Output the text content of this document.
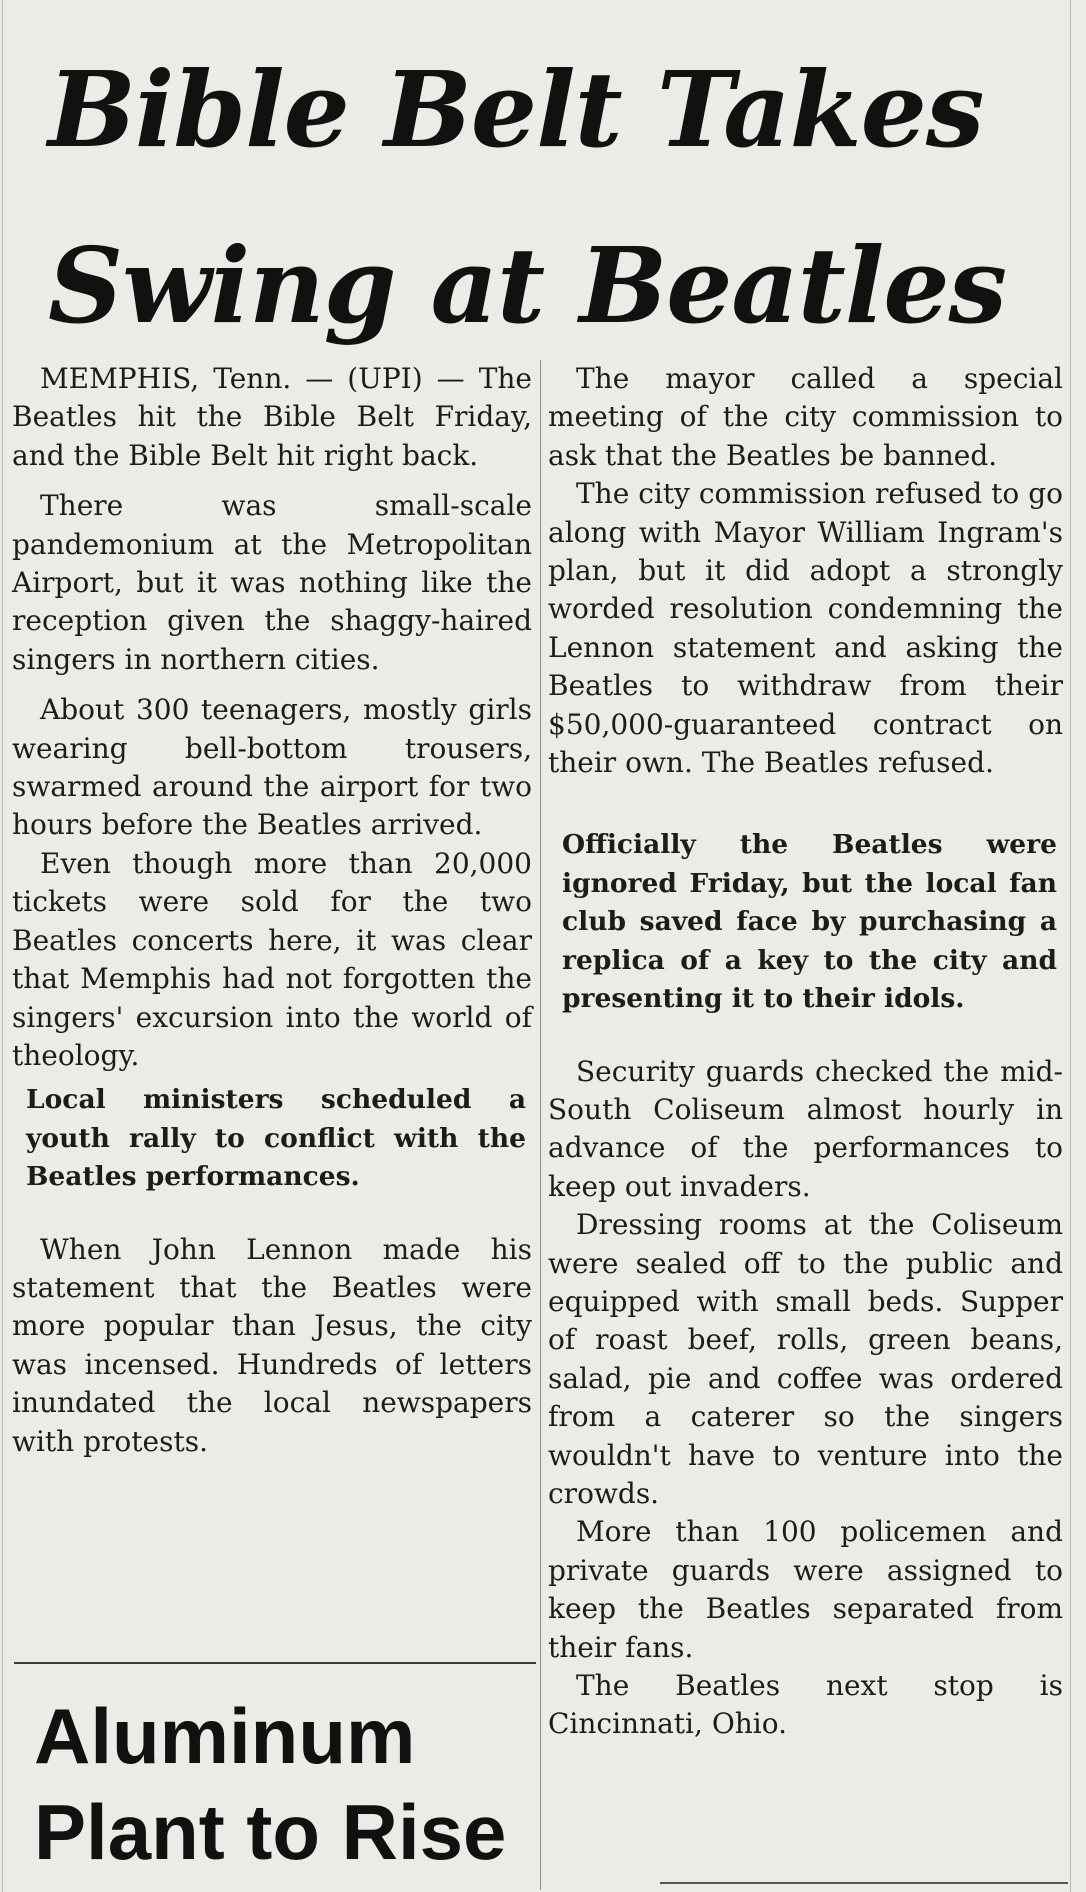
Bible Belt Takes
Swing at Beatles

MEMPHIS, Tenn. — (UPI) — The Beatles hit the Bible Belt Friday, and the Bible Belt hit right back.

There was small-scale pandemonium at the Metropolitan Airport, but it was nothing like the reception given the shaggy-haired singers in northern cities.

About 300 teenagers, mostly girls wearing bell-bottom trousers, swarmed around the airport for two hours before the Beatles arrived.

Even though more than 20,000 tickets were sold for the two Beatles concerts here, it was clear that Memphis had not forgotten the singers' excursion into the world of theology.

Local ministers scheduled a youth rally to conflict with the Beatles performances.

When John Lennon made his statement that the Beatles were more popular than Jesus, the city was incensed. Hundreds of letters inundated the local newspapers with protests.

The mayor called a special meeting of the city commission to ask that the Beatles be banned.

The city commission refused to go along with Mayor William Ingram's plan, but it did adopt a strongly worded resolution condemning the Lennon statement and asking the Beatles to withdraw from their $50,000-guaranteed contract on their own. The Beatles refused.

Officially the Beatles were ignored Friday, but the local fan club saved face by purchasing a replica of a key to the city and presenting it to their idols.

Security guards checked the mid-South Coliseum almost hourly in advance of the performances to keep out invaders.

Dressing rooms at the Coliseum were sealed off to the public and equipped with small beds. Supper of roast beef, rolls, green beans, salad, pie and coffee was ordered from a caterer so the singers wouldn't have to venture into the crowds.

More than 100 policemen and private guards were assigned to keep the Beatles separated from their fans.

The Beatles next stop is Cincinnati, Ohio.

Aluminum
Plant to Rise
